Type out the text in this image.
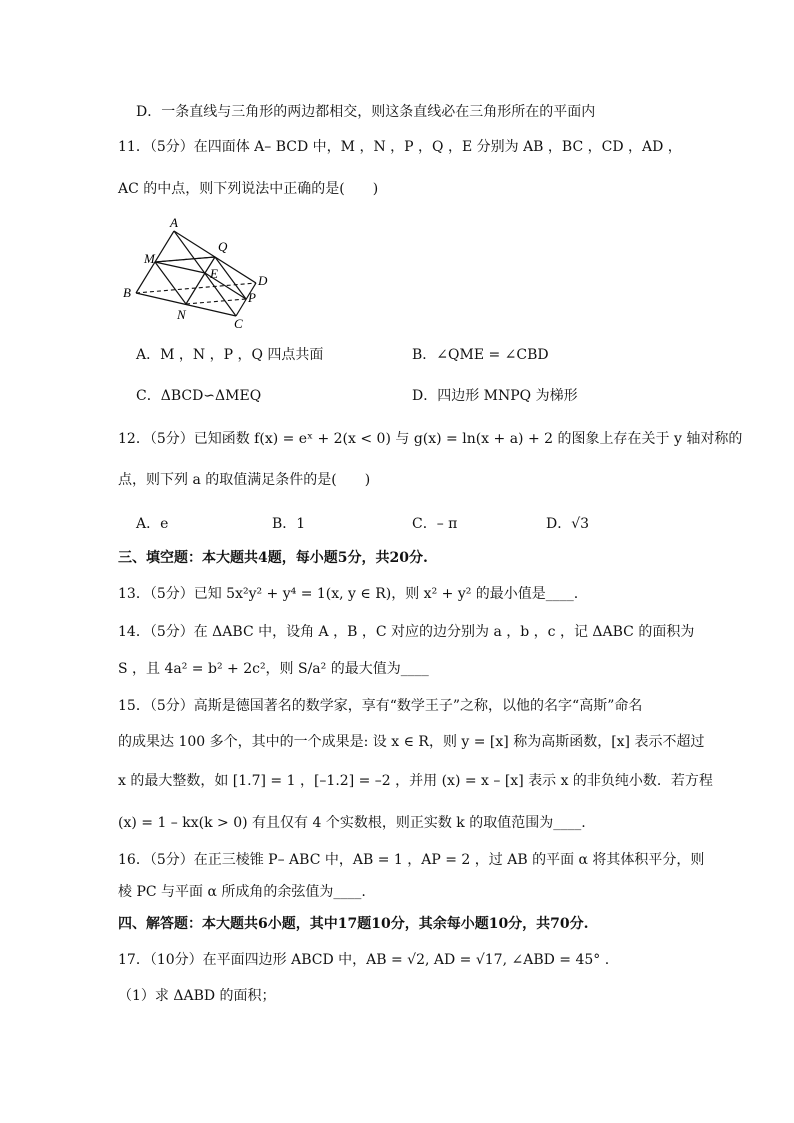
D．一条直线与三角形的两边都相交，则这条直线必在三角形所在的平面内
11．（5分）在四面体 A– BCD 中，M ，N ，P ，Q ，E 分别为 AB ，BC ，CD ，AD ，
AC 的中点，则下列说法中正确的是(　　)
A
M
B
Q
E	D
P
N
C
A．M ，N ，P ，Q 四点共面	B．∠QME = ∠CBD
C．ΔBCD∽ΔMEQ	D．四边形 MNPQ 为梯形
12．（5分）已知函数 f(x) = eˣ + 2(x < 0) 与 g(x) = ln(x + a) + 2 的图象上存在关于 y 轴对称的
点，则下列 a 的取值满足条件的是(　　)
A．e	B．1	C．– π	D．√3
三、填空题：本大题共4题，每小题5分，共20分.
13．（5分）已知 5x²y² + y⁴ = 1(x, y ∈ R)，则 x² + y² 的最小值是____.
14．（5分）在 ΔABC 中，设角 A ，B ，C 对应的边分别为 a ，b ，c ，记 ΔABC 的面积为
S ，且 4a² = b² + 2c²，则 S/a² 的最大值为____
15．（5分）高斯是德国著名的数学家，享有“数学王子”之称，以他的名字“高斯”命名
的成果达 100 多个，其中的一个成果是: 设 x ∈ R，则 y = [x] 称为高斯函数，[x] 表示不超过
x 的最大整数，如 [1.7] = 1 ，[–1.2] = –2 ，并用 (x) = x – [x] 表示 x 的非负纯小数．若方程
(x) = 1 – kx(k > 0) 有且仅有 4 个实数根，则正实数 k 的取值范围为____.
16．（5分）在正三棱锥 P– ABC 中，AB = 1 ，AP = 2 ，过 AB 的平面 α 将其体积平分，则
棱 PC 与平面 α 所成角的余弦值为____.
四、解答题：本大题共6小题，其中17题10分，其余每小题10分，共70分.
17．（10分）在平面四边形 ABCD 中，AB = √2, AD = √17, ∠ABD = 45° .
（1）求 ΔABD 的面积；
